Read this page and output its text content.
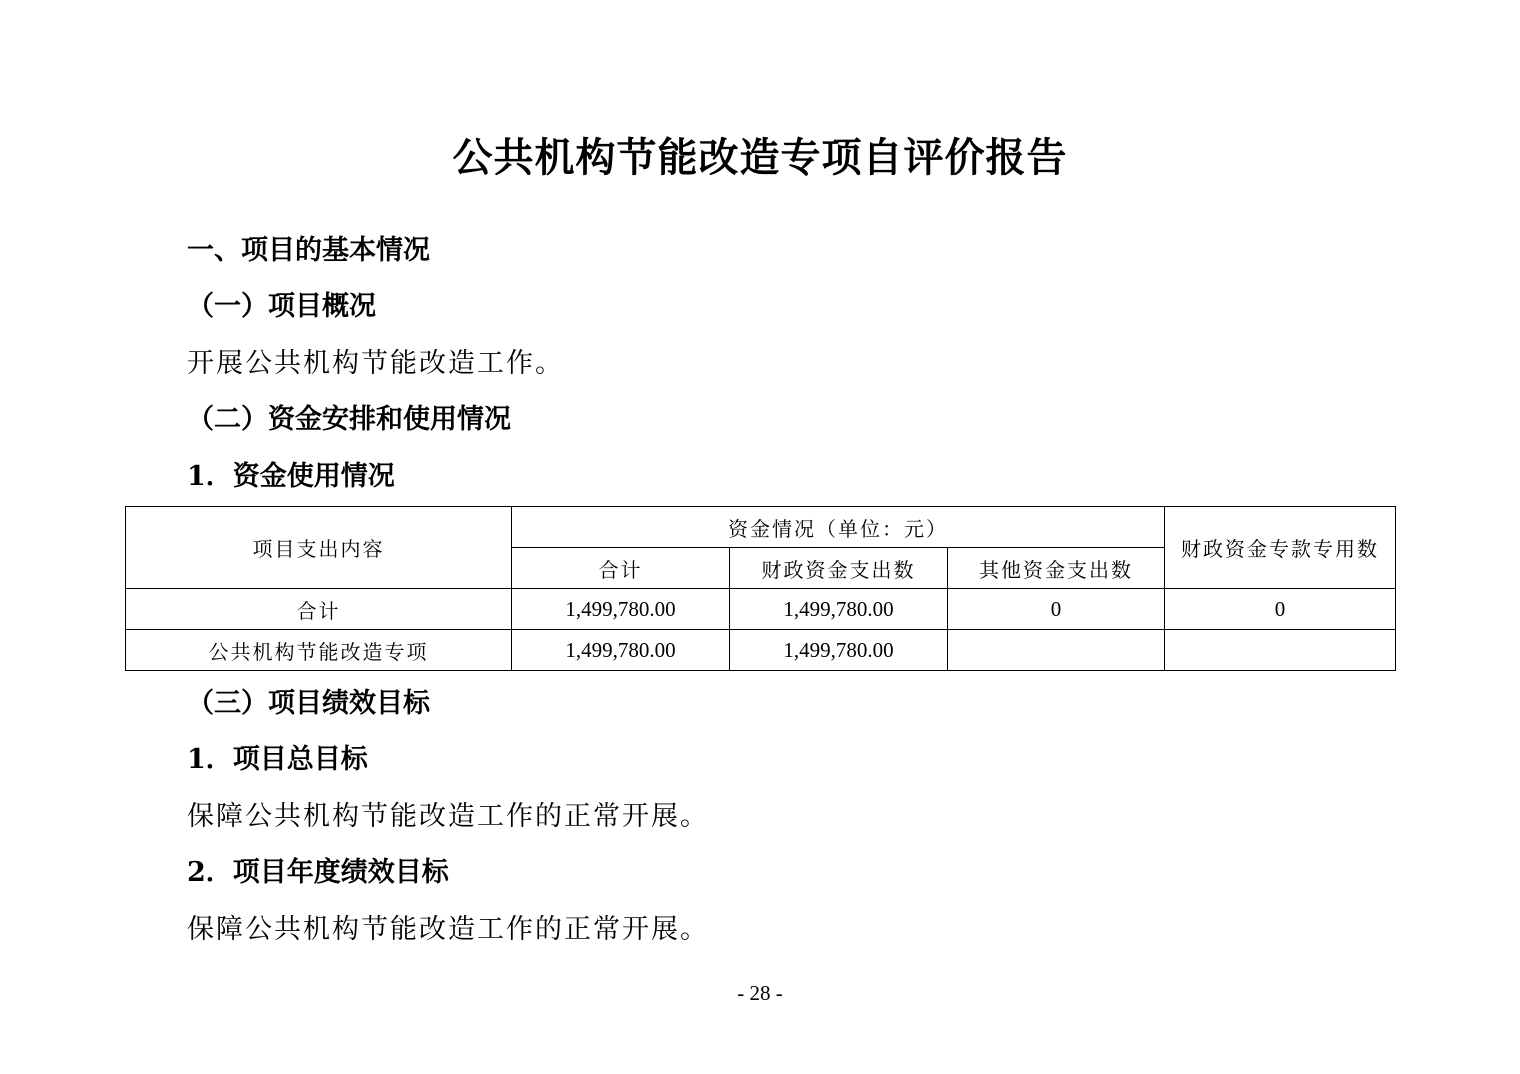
公共机构节能改造专项自评价报告
一、项目的基本情况
（一）项目概况
开展公共机构节能改造工作。
（二）资金安排和使用情况
1．资金使用情况
项目支出内容	资金情况（单位：元）			财政资金专款专用数
	合计	财政资金支出数	其他资金支出数	
合计	1,499,780.00	1,499,780.00	0	0
公共机构节能改造专项	1,499,780.00	1,499,780.00		
（三）项目绩效目标
1．项目总目标
保障公共机构节能改造工作的正常开展。
2．项目年度绩效目标
保障公共机构节能改造工作的正常开展。
- 28 -
